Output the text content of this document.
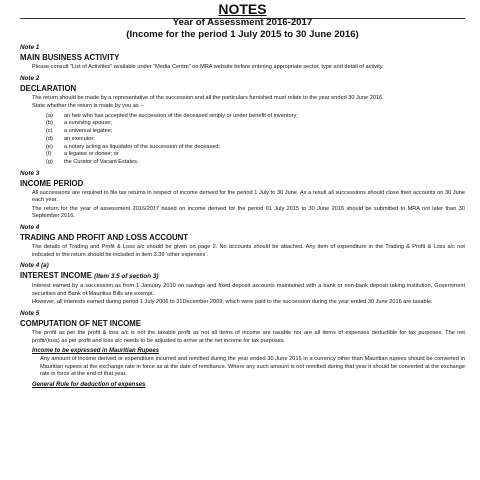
NOTES
Year of Assessment 2016-2017
(Income for the period 1 July 2015 to 30 June 2016)
Note 1
MAIN BUSINESS ACTIVITY
Please consult "List of Activities" available under "Media Centre" on MRA website before entering appropriate sector, type and detail of activity.
Note 2
DECLARATION
The return should be made by a representative of the succession and all the particulars furnished must relate to the year ended 30 June 2016.
State whether the return is made by you as –
(a)	an heir who has accepted the succession of the deceased simply or under benefit of inventory;
(b)	a surviving spouse;
(c)	a universal legatee;
(d)	an executor;
(e)	a notary acting as liquidator of the succession of the deceased;
(f)	a legatee or donee; or
(g)	the Curator of Vacant Estates.
Note 3
INCOME PERIOD
All successions are required to file tax returns in respect of income derived for the period 1 July to 30 June. As a result all successions should close their accounts on 30 June each year.
The return for the year of assessment 2016/2017 based on income derived for the period 01 July 2015 to 30 June 2016 should be submitted to MRA not later than 30 September 2016.
Note 4
TRADING AND PROFIT AND LOSS ACCOUNT
The details of Trading and Profit & Loss a/c should be given on page 2. No accounts should be attached. Any item of expenditure in the Trading & Profit & Loss a/c not indicated in the return should be included in item 3.39 'other expenses'.
Note 4 (a)
INTEREST INCOME (Item 3.5 of section 3)
Interest earned by a succession as from 1 January 2010 on savings and fixed deposit accounts maintained with a bank or non-bank deposit taking institution, Government securities and Bank of Mauritius Bills are exempt.
However, all interests earned during period 1 July 2006 to 31December 2009, which were paid to the succession during the year ended 30 June 2016 are taxable.
Note 5
COMPUTATION OF NET INCOME
The profit as per the profit & loss a/c is not the taxable profit as not all items of income are taxable nor are all items of expenses deductible for tax purposes. The net profit/(loss) as per profit and loss a/c needs to be adjusted to arrive at the net income for tax purposes.
Income to be expressed in Mauritian Rupees
Any amount of income derived or expenditure incurred and remitted during the year ended 30 June 2016 in a currency other than Mauritian rupees should be converted in Mauritian rupees at the exchange rate in force as at the date of remittance. Where any such amount is not remitted during that year it should be converted at the exchange rate in force at the end of that year.
General Rule for deduction of expenses
